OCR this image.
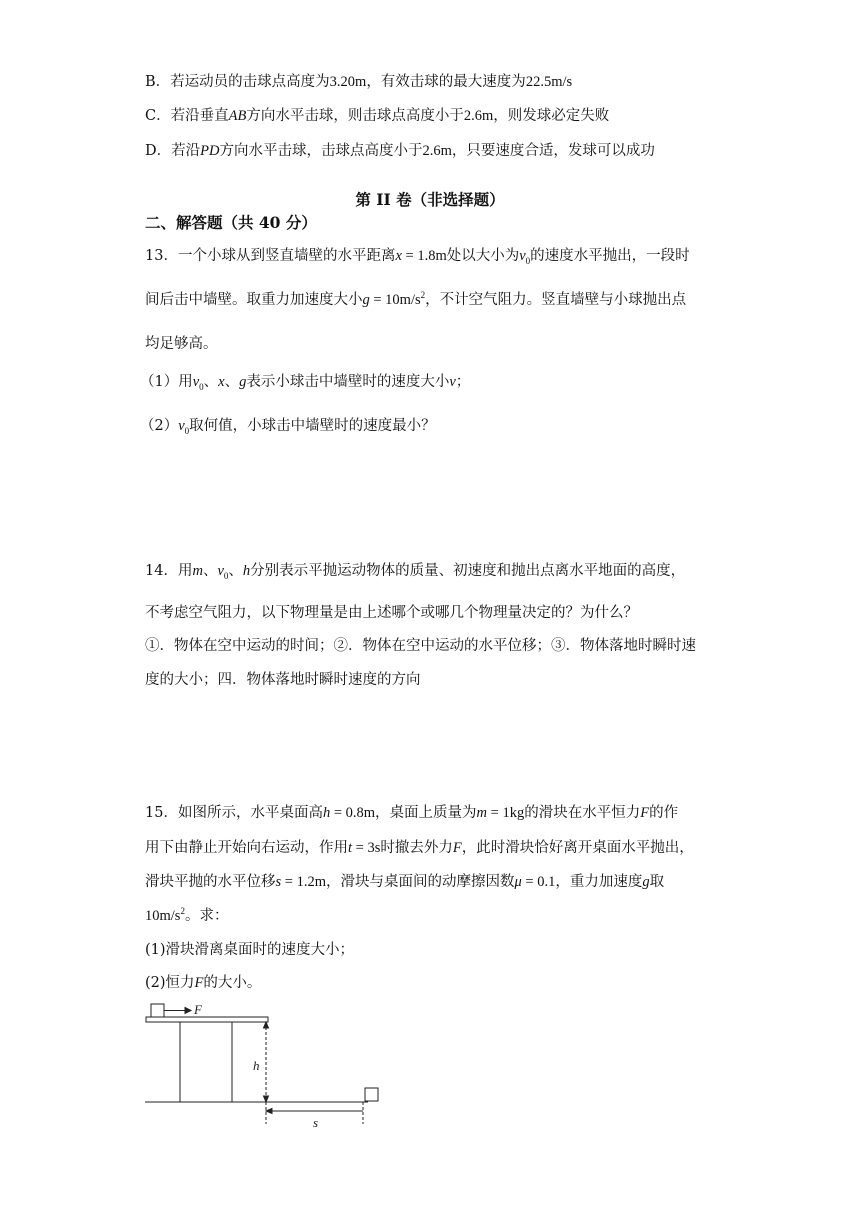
B．若运动员的击球点高度为3.20m，有效击球的最大速度为22.5m/s
C．若沿垂直AB方向水平击球，则击球点高度小于2.6m，则发球必定失败
D．若沿PD方向水平击球，击球点高度小于2.6m，只要速度合适，发球可以成功
第 II 卷（非选择题）
二、解答题（共 40 分）
13．一个小球从到竖直墙壁的水平距离x = 1.8m处以大小为$v_0$的速度水平抛出，一段时
间后击中墙壁。取重力加速度大小$g = 10m/s^2$，不计空气阻力。竖直墙壁与小球抛出点
均足够高。
（1）用$v_0$、x、g表示小球击中墙壁时的速度大小v；
$(2)v_0$取何值，小球击中墙壁时的速度最小？
14．用m、$v_0$、h分别表示平抛运动物体的质量、初速度和抛出点离水平地面的高度，
不考虑空气阻力，以下物理量是由上述哪个或哪几个物理量决定的？为什么？
①．物体在空中运动的时间；②．物体在空中运动的水平位移；③．物体落地时瞬时速
度的大小；四．物体落地时瞬时速度的方向
15．如图所示，水平桌面高h = 0.8m，桌面上质量为m = 1kg的滑块在水平恒力F的作
用下由静止开始向右运动，作用t = 3s时撤去外力F，此时滑块恰好离开桌面水平抛出，
滑块平抛的水平位移s = 1.2m，滑块与桌面间的动摩擦因数μ = 0.1，重力加速度g取
$10m/s^2$。求：
(1)滑块滑离桌面时的速度大小；
(2)恒力F的大小。
F
h
s
